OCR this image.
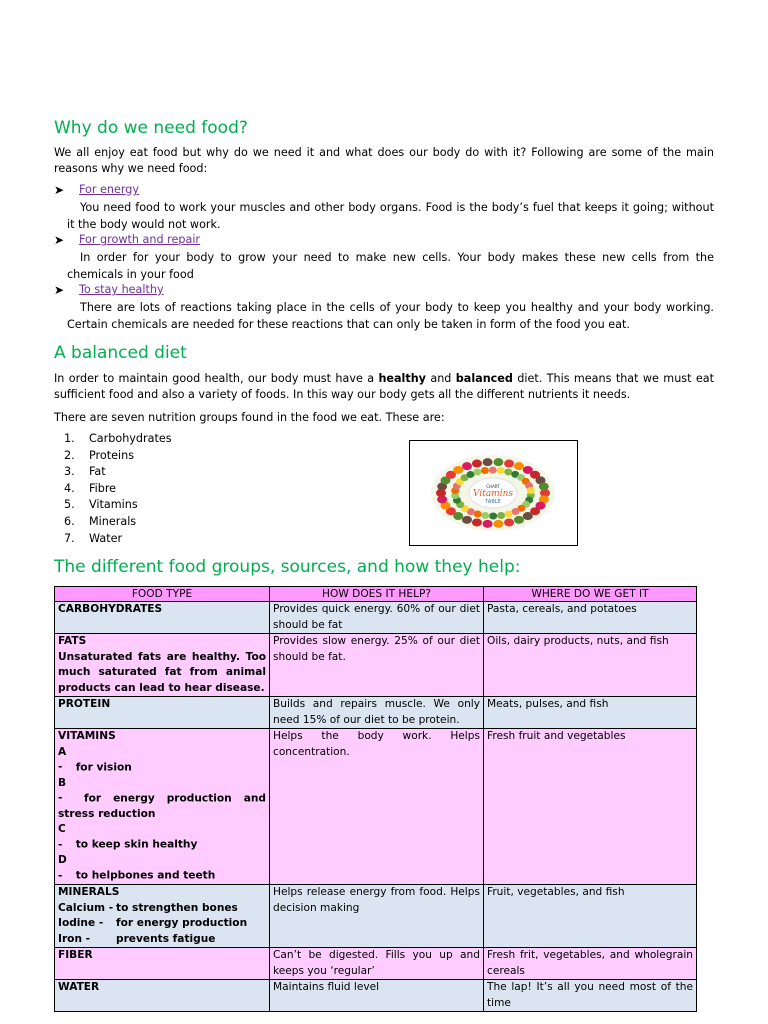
Why do we need food?

We all enjoy eat food but why do we need it and what does our body do with it? Following are some of the main reasons why we need food:

➤ For energy

You need food to work your muscles and other body organs. Food is the body’s fuel that keeps it going; without it the body would not work.

➤ For growth and repair

In order for your body to grow your need to make new cells. Your body makes these new cells from the chemicals in your food

➤ To stay healthy

There are lots of reactions taking place in the cells of your body to keep you healthy and your body working. Certain chemicals are needed for these reactions that can only be taken in form of the food you eat.

A balanced diet

In order to maintain good health, our body must have a healthy and balanced diet. This means that we must eat sufficient food and also a variety of foods. In this way our body gets all the different nutrients it needs.

There are seven nutrition groups found in the food we eat. These are:

1. Carbohydrates
2. Proteins
3. Fat
4. Fibre
5. Vitamins
6. Minerals
7. Water
CHART
Vitamins
TABLE
The different food groups, sources, and how they help:
FOOD TYPE	HOW DOES IT HELP?	WHERE DO WE GET IT
CARBOHYDRATES	Provides quick energy. 60% of our diet should be fat	Pasta, cereals, and potatoes

FATS
Unsaturated fats are healthy. Too much saturated fat from animal products can lead to hear disease.	Provides slow energy. 25% of our diet should be fat.	Oils, dairy products, nuts, and fish
PROTEIN	Builds and repairs muscle. We only need 15% of our diet to be protein.	Meats, pulses, and fish

VITAMINS
A - for vision
B - for energy production and stress reduction
C - to keep skin healthy
D - to helpbones and teeth	Helps the body work. Helps concentration.	Fresh fruit and vegetables

MINERALS
Calcium - to strengthen bones
Iodine - for energy production
Iron - prevents fatigue	Helps release energy from food. Helps decision making	Fruit, vegetables, and fish
FIBER	Can’t be digested. Fills you up and keeps you ‘regular’	Fresh frit, vegetables, and wholegrain cereals
WATER	Maintains fluid level	The lap! It’s all you need most of the time
